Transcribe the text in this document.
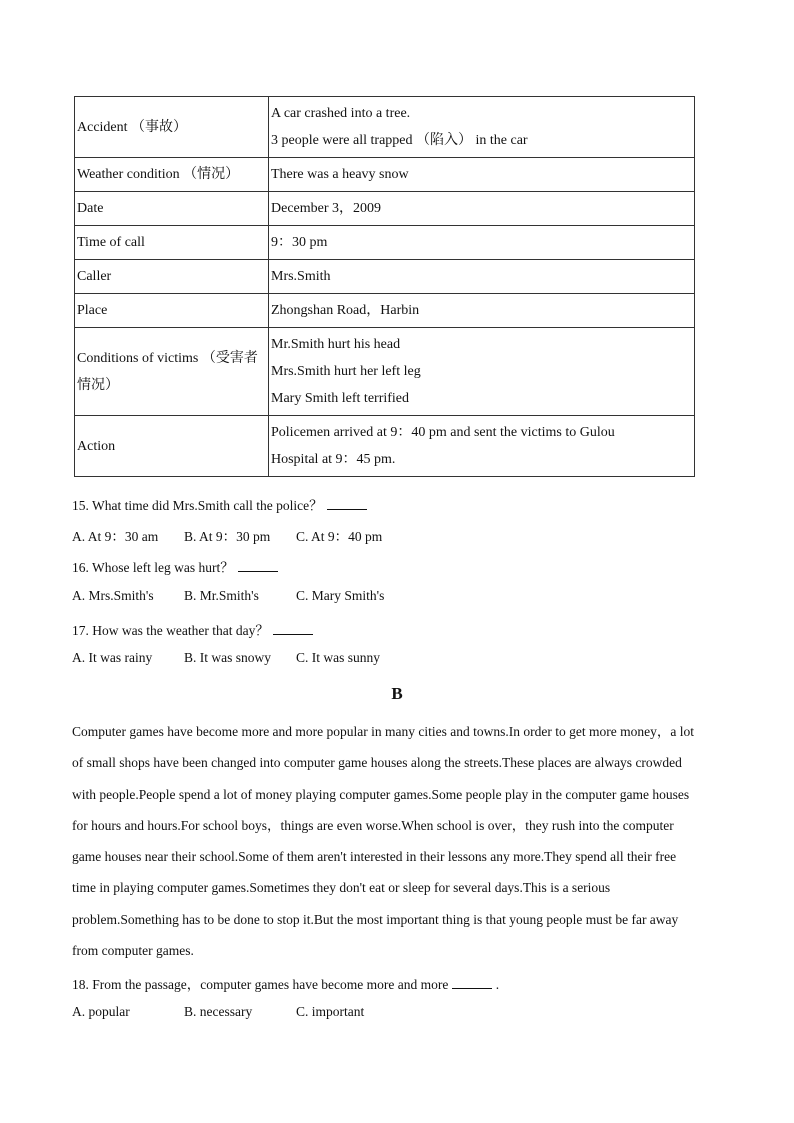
Accident （事故）	A car crashed into a tree.
3 people were all trapped （陷入） in the car

Weather condition （情况）	There was a heavy snow

Date	December 3，2009

Time of call	9：30 pm

Caller	Mrs.Smith

Place	Zhongshan Road，Harbin

Conditions of victims （受害者情况）	Mr.Smith hurt his head
Mrs.Smith hurt her left leg
Mary Smith left terrified

Action	Policemen arrived at 9：40 pm and sent the victims to Gulou
Hospital at 9：45 pm.
15. What time did Mrs.Smith call the police？
A. At 9：30 am B. At 9：30 pm C. At 9：40 pm
16. Whose left leg was hurt？
A. Mrs.Smith's B. Mr.Smith's	C. Mary Smith's
17. How was the weather that day？
A. It was rainy B. It was snowy C. It was sunny
B
Computer games have become more and more popular in many cities and towns.In order to get more money，a lot
of small shops have been changed into computer game houses along the streets.These places are always crowded
with people.People spend a lot of money playing computer games.Some people play in the computer game houses
for hours and hours.For school boys，things are even worse.When school is over，they rush into the computer
game houses near their school.Some of them aren't interested in their lessons any more.They spend all their free
time in playing computer games.Sometimes they don't eat or sleep for several days.This is a serious
problem.Something has to be done to stop it.But the most important thing is that young people must be far away
from computer games.
18. From the passage，computer games have become more and more	.
A. popular	B. necessary	C. important
